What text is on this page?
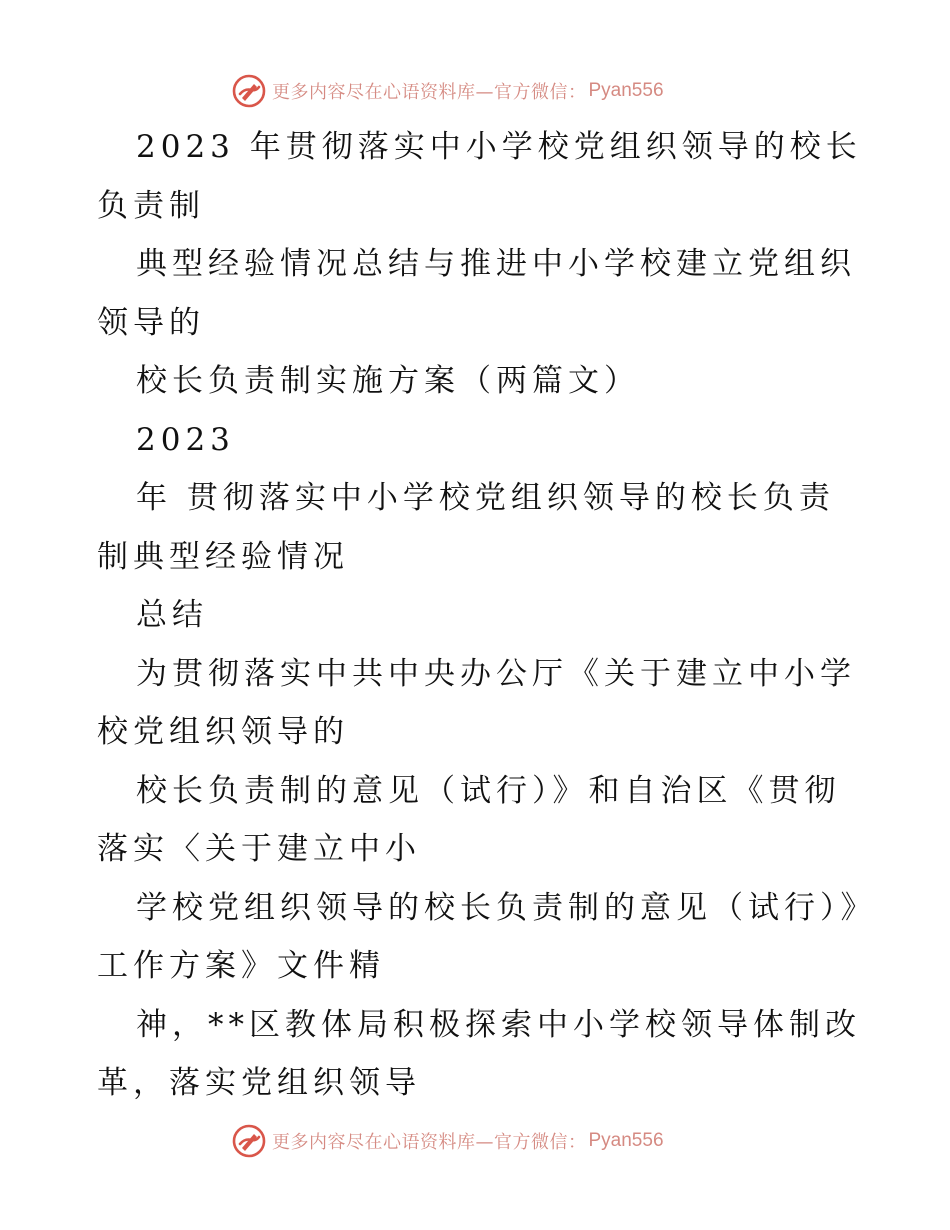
更多内容尽在心语资料库—官方微信： Pyan556

2023 年贯彻落实中小学校党组织领导的校长负责制

典型经验情况总结与推进中小学校建立党组织领导的

校长负责制实施方案（两篇文）

2023

年 贯彻落实中小学校党组织领导的校长负责制典型经验情况

总结

为贯彻落实中共中央办公厅《关于建立中小学校党组织领导的

校长负责制的意见（试行）》和自治区《贯彻落实〈关于建立中小

学校党组织领导的校长负责制的意见（试行）》工作方案》文件精

神，**区教体局积极探索中小学校领导体制改革，落实党组织领导

更多内容尽在心语资料库—官方微信： Pyan556
